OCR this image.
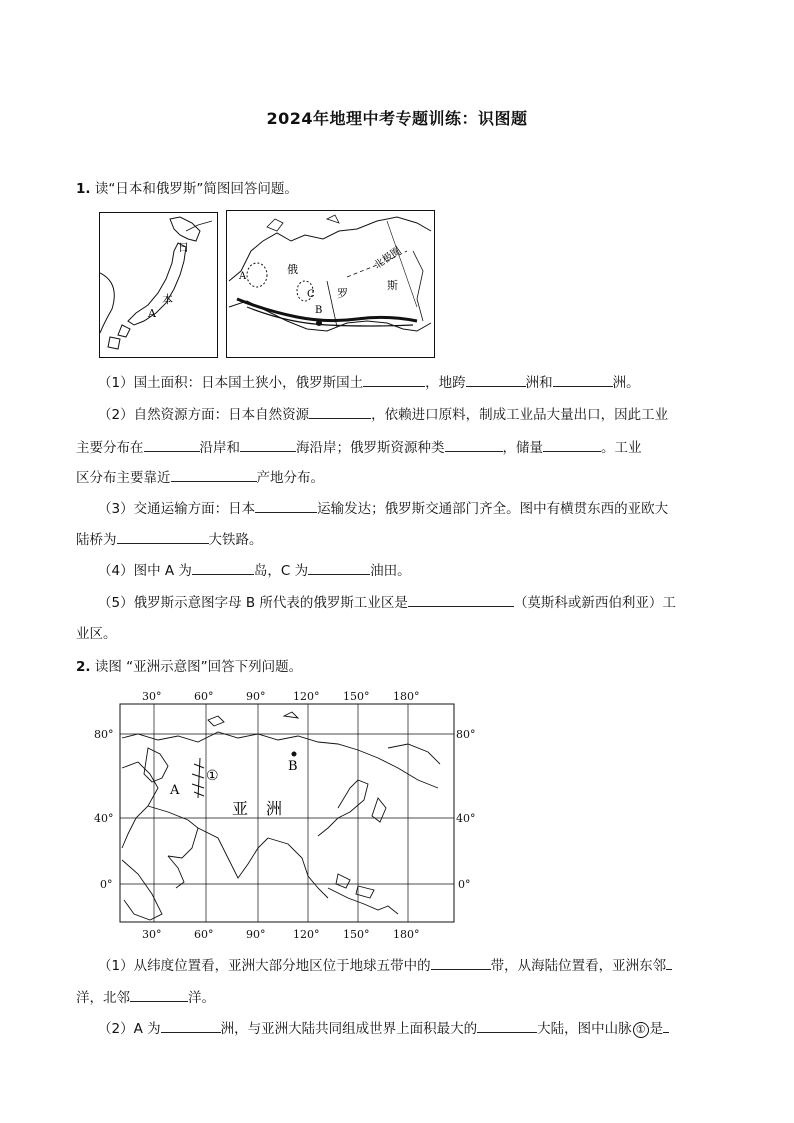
2024年地理中考专题训练：识图题
1. 读“日本和俄罗斯”简图回答问题。
日
本
A
A
C
B
俄
罗
斯
北极圈
（1）国土面积：日本国土狭小，俄罗斯国土	，地跨	洲和	洲。
（2）自然资源方面：日本自然资源	，依赖进口原料，制成工业品大量出口，因此工业
主要分布在	沿岸和	海沿岸；俄罗斯资源种类	，储量	。工业
区分布主要靠近	产地分布。
（3）交通运输方面：日本	运输发达；俄罗斯交通部门齐全。图中有横贯东西的亚欧大
陆桥为	大铁路。
（4）图中 A 为	岛，C 为	油田。
（5）俄罗斯示意图字母 B 所代表的俄罗斯工业区是	（莫斯科或新西伯利亚）工
业区。
2. 读图 “亚洲示意图”回答下列问题。
30°	60°	90°	120° 150° 180°
30°	60°	90°	120° 150° 180°
80°
40°
0°
80°
40°
0°
A
B
①
亚 洲
（1）从纬度位置看，亚洲大部分地区位于地球五带中的	带，从海陆位置看，亚洲东邻
洋，北邻	洋。
（2）A 为	洲，与亚洲大陆共同组成世界上面积最大的	大陆，图中山脉 ① 是
